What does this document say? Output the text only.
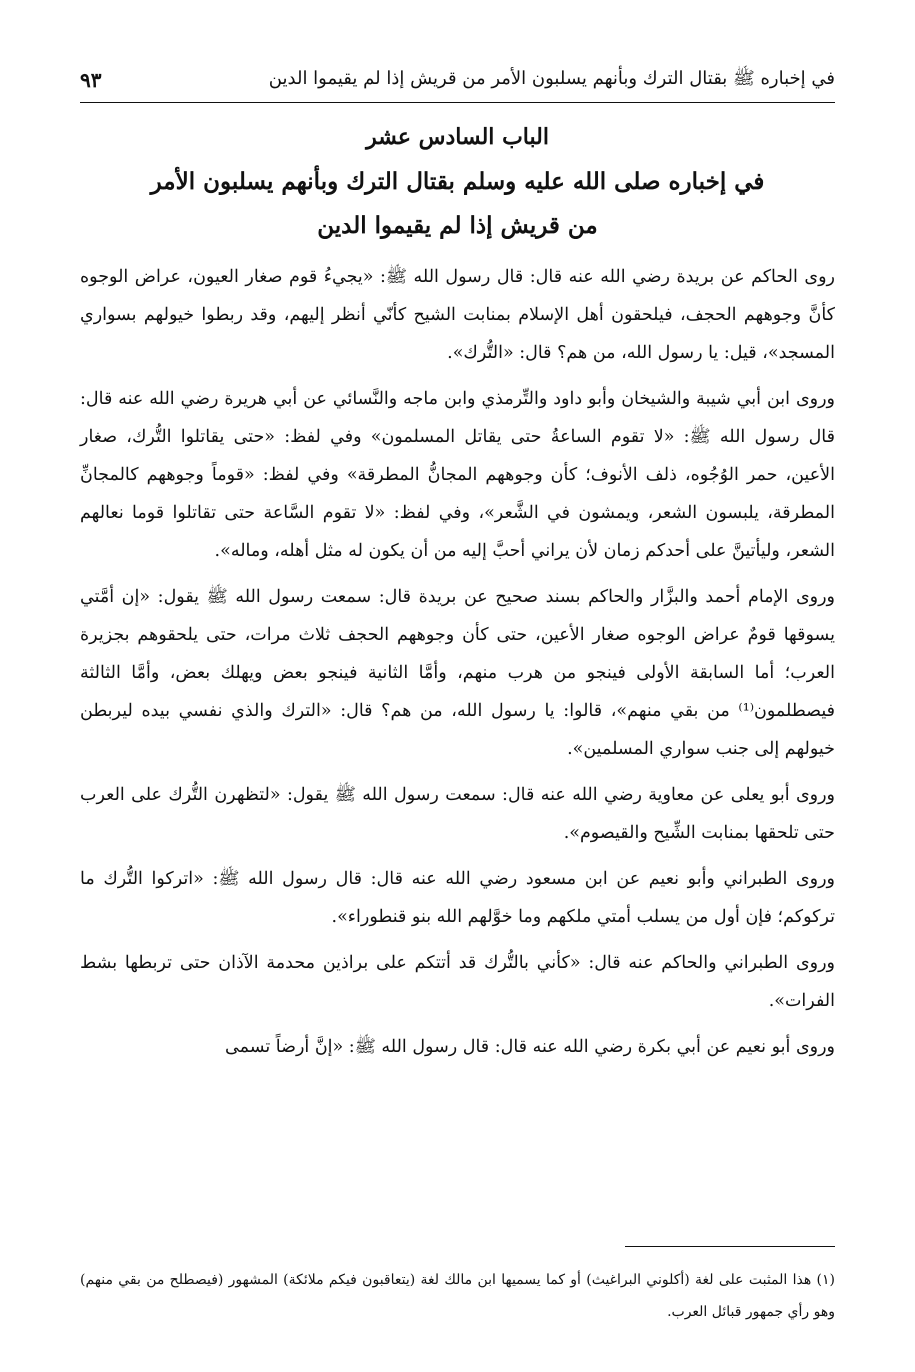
في إخباره ﷺ بقتال الترك وبأنهم يسلبون الأمر من قريش إذا لم يقيموا الدين
٩٣
الباب السادس عشر
في إخباره صلى الله عليه وسلم بقتال الترك وبأنهم يسلبون الأمر
من قريش إذا لم يقيموا الدين

روى الحاكم عن بريدة رضي الله عنه قال: قال رسول الله ﷺ: «يجيءُ قوم صغار العيون، عراض الوجوه كأنَّ وجوههم الحجف، فيلحقون أهل الإسلام بمنابت الشيح كأنّي أنظر إليهم، وقد ربطوا خيولهم بسواري المسجد»، قيل: يا رسول الله، من هم؟ قال: «التُّرك».

وروى ابن أبي شيبة والشيخان وأبو داود والتِّرمذي وابن ماجه والنَّسائي عن أبي هريرة رضي الله عنه قال: قال رسول الله ﷺ: «لا تقوم الساعةُ حتى يقاتل المسلمون» وفي لفظ: «حتى يقاتلوا التُّرك، صغار الأعين، حمر الوُجُوه، ذلف الأنوف؛ كأن وجوههم المجانُّ المطرقة» وفي لفظ: «قوماً وجوههم كالمجانِّ المطرقة، يلبسون الشعر، ويمشون في الشَّعر»، وفي لفظ: «لا تقوم السَّاعة حتى تقاتلوا قوما نعالهم الشعر، وليأتينَّ على أحدكم زمان لأن يراني أحبَّ إليه من أن يكون له مثل أهله، وماله».

وروى الإمام أحمد والبزَّار والحاكم بسند صحيح عن بريدة قال: سمعت رسول الله ﷺ يقول: «إن أمَّتي يسوقها قومٌ عراض الوجوه صغار الأعين، حتى كأن وجوههم الحجف ثلاث مرات، حتى يلحقوهم بجزيرة العرب؛ أما السابقة الأولى فينجو من هرب منهم، وأمَّا الثانية فينجو بعض ويهلك بعض، وأمَّا الثالثة فيصطلمون⁽¹⁾ من بقي منهم»، قالوا: يا رسول الله، من هم؟ قال: «الترك والذي نفسي بيده ليربطن خيولهم إلى جنب سواري المسلمين».

وروى أبو يعلى عن معاوية رضي الله عنه قال: سمعت رسول الله ﷺ يقول: «لتظهرن التُّرك على العرب حتى تلحقها بمنابت الشِّيح والقيصوم».

وروى الطبراني وأبو نعيم عن ابن مسعود رضي الله عنه قال: قال رسول الله ﷺ: «اتركوا التُّرك ما تركوكم؛ فإن أول من يسلب أمتي ملكهم وما خوَّلهم الله بنو قنطوراء».

وروى الطبراني والحاكم عنه قال: «كأني بالتُّرك قد أتتكم على براذين محدمة الآذان حتى تربطها بشط الفرات».

وروى أبو نعيم عن أبي بكرة رضي الله عنه قال: قال رسول الله ﷺ: «إنَّ أرضاً تسمى

(١) هذا المثبت على لغة (أكلوني البراغيث) أو كما يسميها ابن مالك لغة (يتعاقبون فيكم ملائكة) المشهور (فيصطلح من بقي منهم) وهو رأي جمهور قبائل العرب.
